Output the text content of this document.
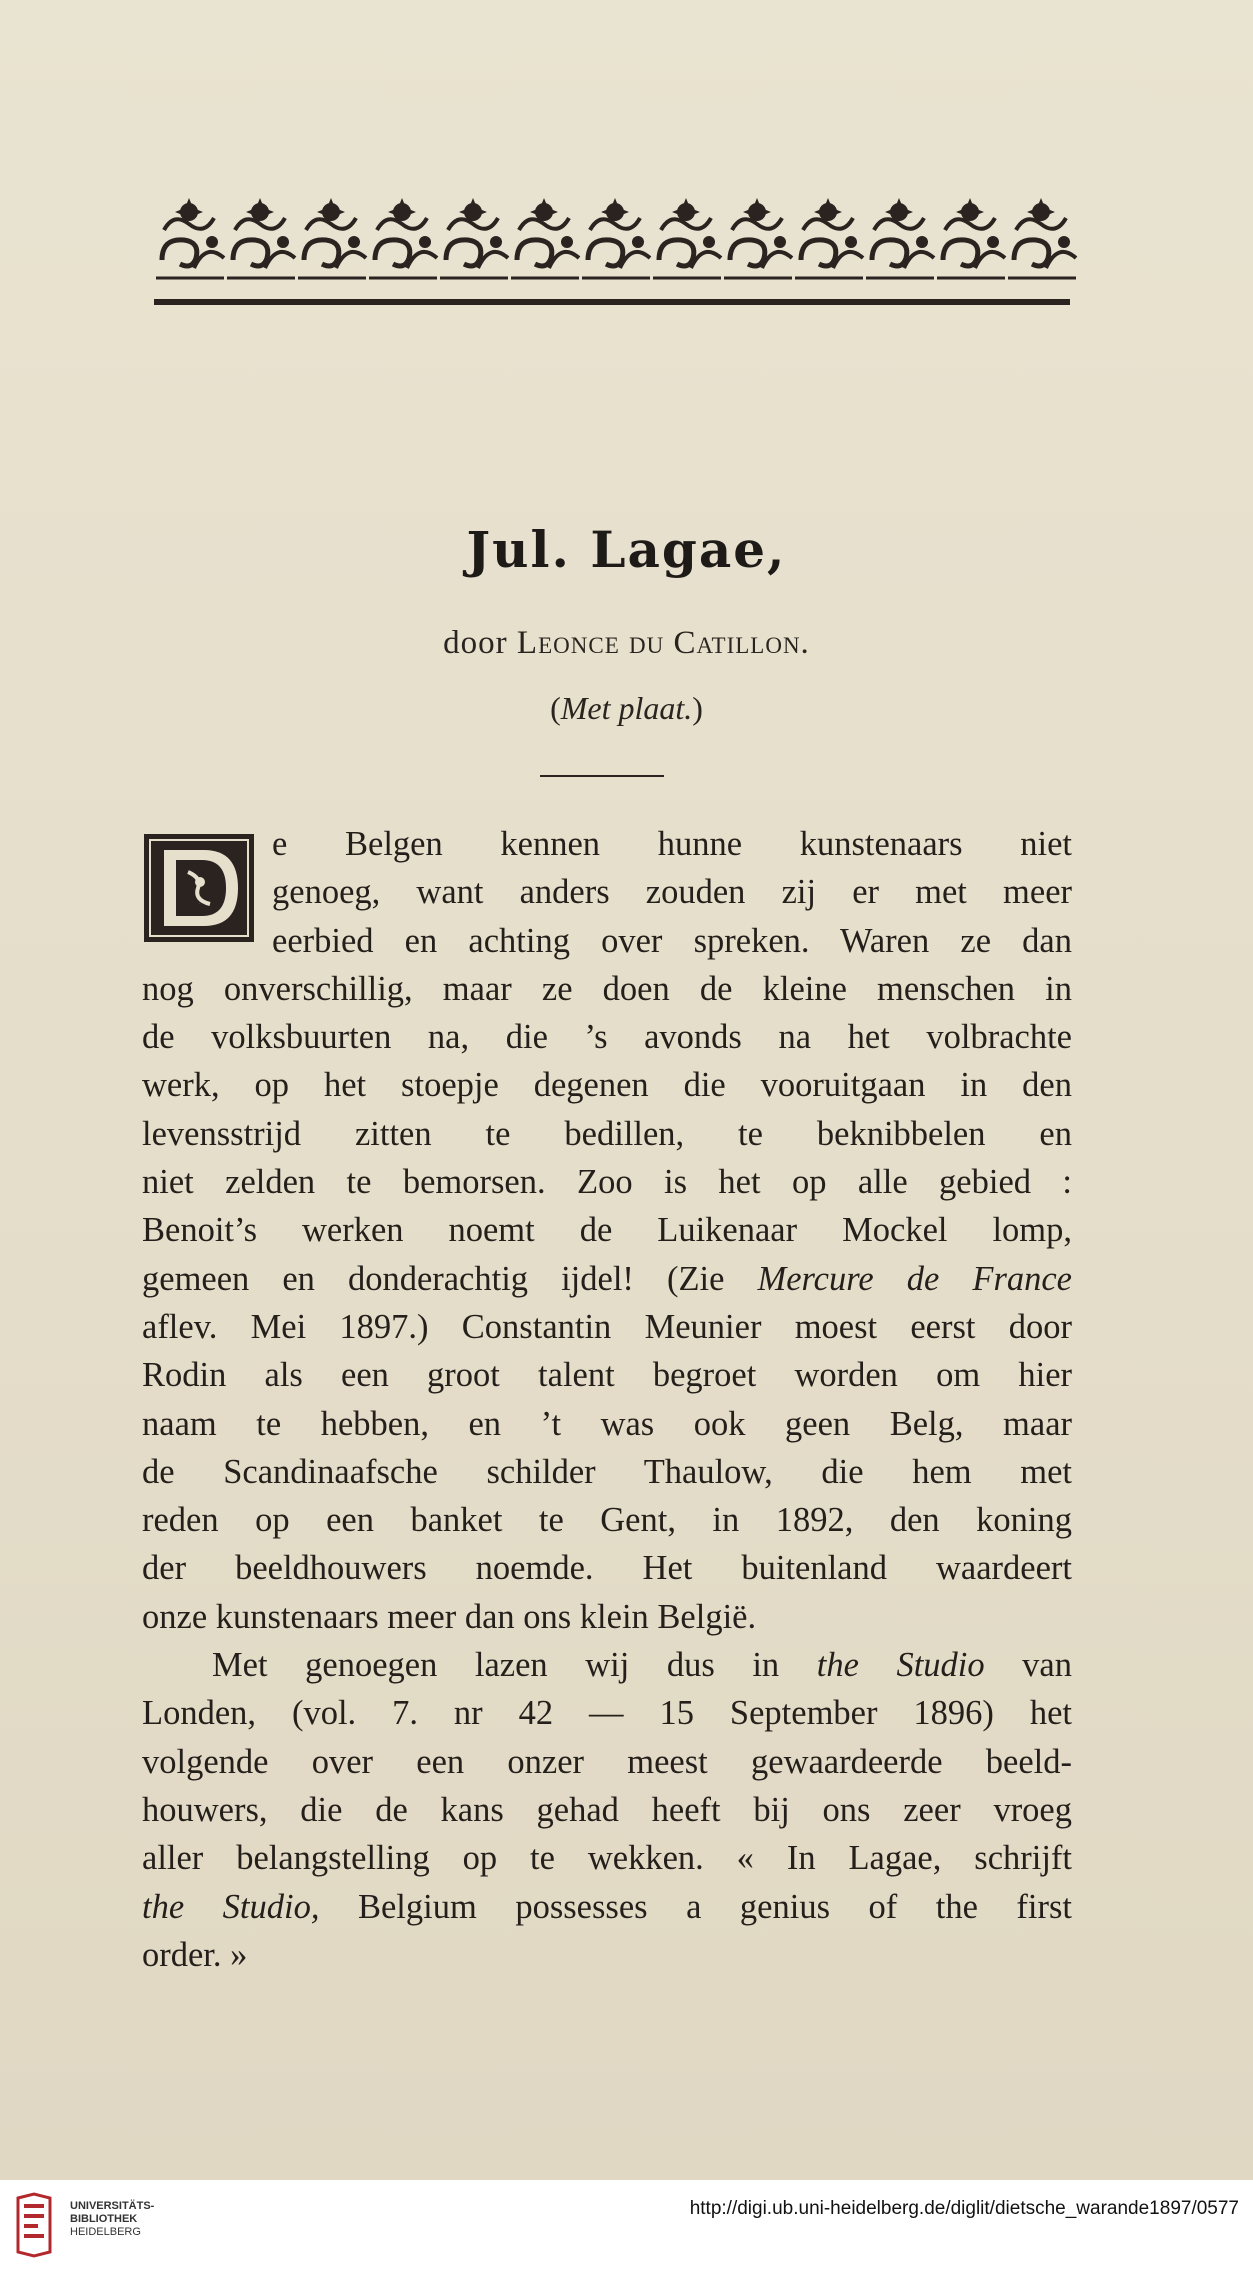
Jul. Lagae,
door Leonce du Catillon.
(Met plaat.)
D
e Belgen kennen hunne kunstenaars niet
genoeg, want anders zouden zij er met meer
eerbied en achting over spreken. Waren ze dan
nog onverschillig, maar ze doen de kleine menschen in
de volksbuurten na, die ’s avonds na het volbrachte
werk, op het stoepje degenen die vooruitgaan in den
levensstrijd zitten te bedillen, te beknibbelen en
niet zelden te bemorsen. Zoo is het op alle gebied :
Benoit’s werken noemt de Luikenaar Mockel lomp,
gemeen en donderachtig ijdel! (Zie Mercure de France
aflev. Mei 1897.) Constantin Meunier moest eerst door
Rodin als een groot talent begroet worden om hier
naam te hebben, en ’t was ook geen Belg, maar
de Scandinaafsche schilder Thaulow, die hem met
reden op een banket te Gent, in 1892, den koning
der beeldhouwers noemde. Het buitenland waardeert
onze kunstenaars meer dan ons klein België.
Met genoegen lazen wij dus in the Studio van
Londen, (vol. 7. nr 42 — 15 September 1896) het
volgende over een onzer meest gewaardeerde beeld-
houwers, die de kans gehad heeft bij ons zeer vroeg
aller belangstelling op te wekken. « In Lagae, schrijft
the Studio, Belgium possesses a genius of the first
order. »
UNIVERSITÄTS-
BIBLIOTHEK
HEIDELBERG
http://digi.ub.uni-heidelberg.de/diglit/dietsche_warande1897/0577
